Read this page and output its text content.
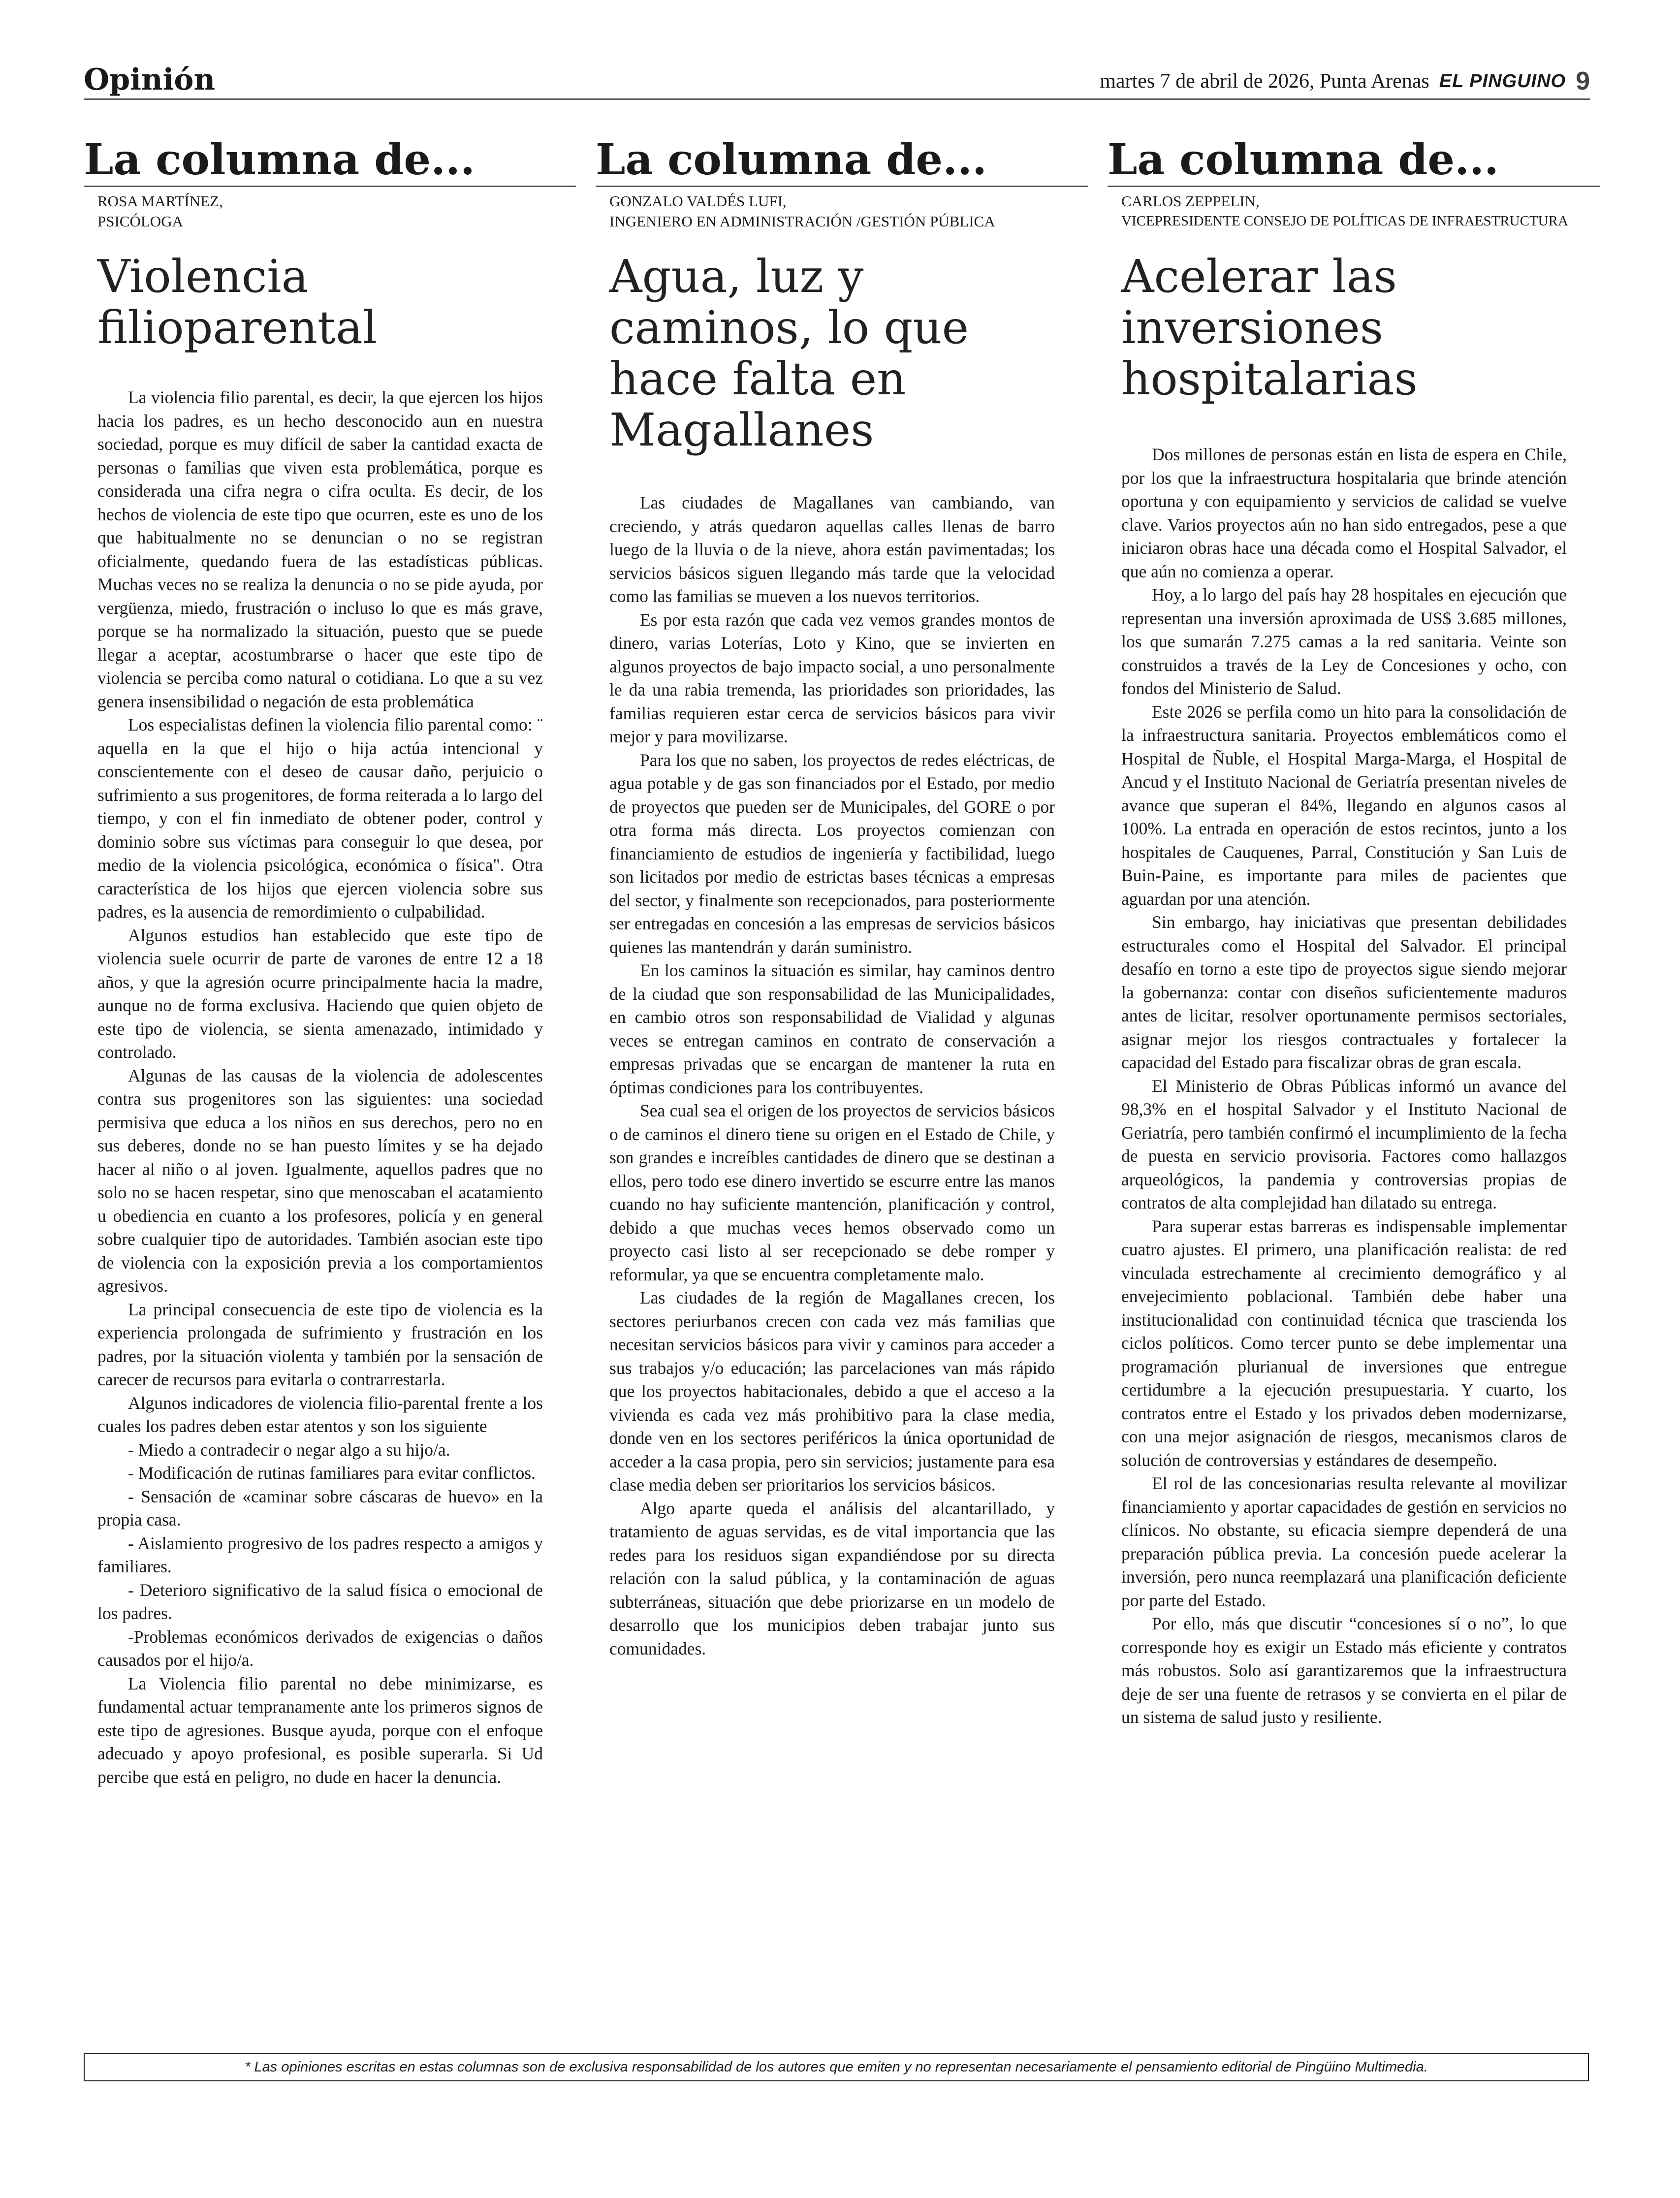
Opinión	martes 7 de abril de 2026, Punta Arenas EL PINGUINO 9
La columna de...
ROSA MARTÍNEZ,
PSICÓLOGA
Violencia filioparental

La violencia filio parental, es decir, la que ejercen los hijos hacia los padres, es un hecho desconocido aun en nuestra sociedad, porque es muy difícil de saber la cantidad exacta de personas o familias que viven esta problemática, porque es considerada una cifra negra o cifra oculta. Es decir, de los hechos de violencia de este tipo que ocurren, este es uno de los que habitualmente no se denuncian o no se registran oficialmente, quedando fuera de las estadísticas públicas. Muchas veces no se realiza la denuncia o no se pide ayuda, por vergüenza, miedo, frustración o incluso lo que es más grave, porque se ha normalizado la situación, puesto que se puede llegar a aceptar, acostumbrarse o hacer que este tipo de violencia se perciba como natural o cotidiana. Lo que a su vez genera insensibilidad o negación de esta problemática

Los especialistas definen la violencia filio parental como: ¨ aquella en la que el hijo o hija actúa intencional y conscientemente con el deseo de causar daño, perjuicio o sufrimiento a sus progenitores, de forma reiterada a lo largo del tiempo, y con el fin inmediato de obtener poder, control y dominio sobre sus víctimas para conseguir lo que desea, por medio de la violencia psicológica, económica o física". Otra característica de los hijos que ejercen violencia sobre sus padres, es la ausencia de remordimiento o culpabilidad.

Algunos estudios han establecido que este tipo de violencia suele ocurrir de parte de varones de entre 12 a 18 años, y que la agresión ocurre principalmente hacia la madre, aunque no de forma exclusiva. Haciendo que quien objeto de este tipo de violencia, se sienta amenazado, intimidado y controlado.

Algunas de las causas de la violencia de adolescentes contra sus progenitores son las siguientes: una sociedad permisiva que educa a los niños en sus derechos, pero no en sus deberes, donde no se han puesto límites y se ha dejado hacer al niño o al joven. Igualmente, aquellos padres que no solo no se hacen respetar, sino que menoscaban el acatamiento u obediencia en cuanto a los profesores, policía y en general sobre cualquier tipo de autoridades. También asocian este tipo de violencia con la exposición previa a los comportamientos agresivos.

La principal consecuencia de este tipo de violencia es la experiencia prolongada de sufrimiento y frustración en los padres, por la situación violenta y también por la sensación de carecer de recursos para evitarla o contrarrestarla.

Algunos indicadores de violencia filio-parental frente a los cuales los padres deben estar atentos y son los siguiente

- Miedo a contradecir o negar algo a su hijo/a.

- Modificación de rutinas familiares para evitar conflictos.

- Sensación de «caminar sobre cáscaras de huevo» en la propia casa.

- Aislamiento progresivo de los padres respecto a amigos y familiares.

- Deterioro significativo de la salud física o emocional de los padres.

-Problemas económicos derivados de exigencias o daños causados por el hijo/a.

La Violencia filio parental no debe minimizarse, es fundamental actuar tempranamente ante los primeros signos de este tipo de agresiones. Busque ayuda, porque con el enfoque adecuado y apoyo profesional, es posible superarla. Si Ud percibe que está en peligro, no dude en hacer la denuncia.

La columna de...
GONZALO VALDÉS LUFI,
INGENIERO EN ADMINISTRACIÓN /GESTIÓN PÚBLICA
Agua, luz y caminos, lo que hace falta en Magallanes

Las ciudades de Magallanes van cambiando, van creciendo, y atrás quedaron aquellas calles llenas de barro luego de la lluvia o de la nieve, ahora están pavimentadas; los servicios básicos siguen llegando más tarde que la velocidad como las familias se mueven a los nuevos territorios.

Es por esta razón que cada vez vemos grandes montos de dinero, varias Loterías, Loto y Kino, que se invierten en algunos proyectos de bajo impacto social, a uno personalmente le da una rabia tremenda, las prioridades son prioridades, las familias requieren estar cerca de servicios básicos para vivir mejor y para movilizarse.

Para los que no saben, los proyectos de redes eléctricas, de agua potable y de gas son financiados por el Estado, por medio de proyectos que pueden ser de Municipales, del GORE o por otra forma más directa. Los proyectos comienzan con financiamiento de estudios de ingeniería y factibilidad, luego son licitados por medio de estrictas bases técnicas a empresas del sector, y finalmente son recepcionados, para posteriormente ser entregadas en concesión a las empresas de servicios básicos quienes las mantendrán y darán suministro.

En los caminos la situación es similar, hay caminos dentro de la ciudad que son responsabilidad de las Municipalidades, en cambio otros son responsabilidad de Vialidad y algunas veces se entregan caminos en contrato de conservación a empresas privadas que se encargan de mantener la ruta en óptimas condiciones para los contribuyentes.

Sea cual sea el origen de los proyectos de servicios básicos o de caminos el dinero tiene su origen en el Estado de Chile, y son grandes e increíbles cantidades de dinero que se destinan a ellos, pero todo ese dinero invertido se escurre entre las manos cuando no hay suficiente mantención, planificación y control, debido a que muchas veces hemos observado como un proyecto casi listo al ser recepcionado se debe romper y reformular, ya que se encuentra completamente malo.

Las ciudades de la región de Magallanes crecen, los sectores periurbanos crecen con cada vez más familias que necesitan servicios básicos para vivir y caminos para acceder a sus trabajos y/o educación; las parcelaciones van más rápido que los proyectos habitacionales, debido a que el acceso a la vivienda es cada vez más prohibitivo para la clase media, donde ven en los sectores periféricos la única oportunidad de acceder a la casa propia, pero sin servicios; justamente para esa clase media deben ser prioritarios los servicios básicos.

Algo aparte queda el análisis del alcantarillado, y tratamiento de aguas servidas, es de vital importancia que las redes para los residuos sigan expandiéndose por su directa relación con la salud pública, y la contaminación de aguas subterráneas, situación que debe priorizarse en un modelo de desarrollo que los municipios deben trabajar junto sus comunidades.

La columna de...
CARLOS ZEPPELIN,
VICEPRESIDENTE CONSEJO DE POLÍTICAS DE INFRAESTRUCTURA
Acelerar las inversiones hospitalarias

Dos millones de personas están en lista de espera en Chile, por los que la infraestructura hospitalaria que brinde atención oportuna y con equipamiento y servicios de calidad se vuelve clave. Varios proyectos aún no han sido entregados, pese a que iniciaron obras hace una década como el Hospital Salvador, el que aún no comienza a operar.

Hoy, a lo largo del país hay 28 hospitales en ejecución que representan una inversión aproximada de US$ 3.685 millones, los que sumarán 7.275 camas a la red sanitaria. Veinte son construidos a través de la Ley de Concesiones y ocho, con fondos del Ministerio de Salud.

Este 2026 se perfila como un hito para la consolidación de la infraestructura sanitaria. Proyectos emblemáticos como el Hospital de Ñuble, el Hospital Marga-Marga, el Hospital de Ancud y el Instituto Nacional de Geriatría presentan niveles de avance que superan el 84%, llegando en algunos casos al 100%. La entrada en operación de estos recintos, junto a los hospitales de Cauquenes, Parral, Constitución y San Luis de Buin-Paine, es importante para miles de pacientes que aguardan por una atención.

Sin embargo, hay iniciativas que presentan debilidades estructurales como el Hospital del Salvador. El principal desafío en torno a este tipo de proyectos sigue siendo mejorar la gobernanza: contar con diseños suficientemente maduros antes de licitar, resolver oportunamente permisos sectoriales, asignar mejor los riesgos contractuales y fortalecer la capacidad del Estado para fiscalizar obras de gran escala.

El Ministerio de Obras Públicas informó un avance del 98,3% en el hospital Salvador y el Instituto Nacional de Geriatría, pero también confirmó el incumplimiento de la fecha de puesta en servicio provisoria. Factores como hallazgos arqueológicos, la pandemia y controversias propias de contratos de alta complejidad han dilatado su entrega.

Para superar estas barreras es indispensable implementar cuatro ajustes. El primero, una planificación realista: de red vinculada estrechamente al crecimiento demográfico y al envejecimiento poblacional. También debe haber una institucionalidad con continuidad técnica que trascienda los ciclos políticos. Como tercer punto se debe implementar una programación plurianual de inversiones que entregue certidumbre a la ejecución presupuestaria. Y cuarto, los contratos entre el Estado y los privados deben modernizarse, con una mejor asignación de riesgos, mecanismos claros de solución de controversias y estándares de desempeño.

El rol de las concesionarias resulta relevante al movilizar financiamiento y aportar capacidades de gestión en servicios no clínicos. No obstante, su eficacia siempre dependerá de una preparación pública previa. La concesión puede acelerar la inversión, pero nunca reemplazará una planificación deficiente por parte del Estado.

Por ello, más que discutir “concesiones sí o no”, lo que corresponde hoy es exigir un Estado más eficiente y contratos más robustos. Solo así garantizaremos que la infraestructura deje de ser una fuente de retrasos y se convierta en el pilar de un sistema de salud justo y resiliente.

* Las opiniones escritas en estas columnas son de exclusiva responsabilidad de los autores que emiten y no representan necesariamente el pensamiento editorial de Pingüino Multimedia.
